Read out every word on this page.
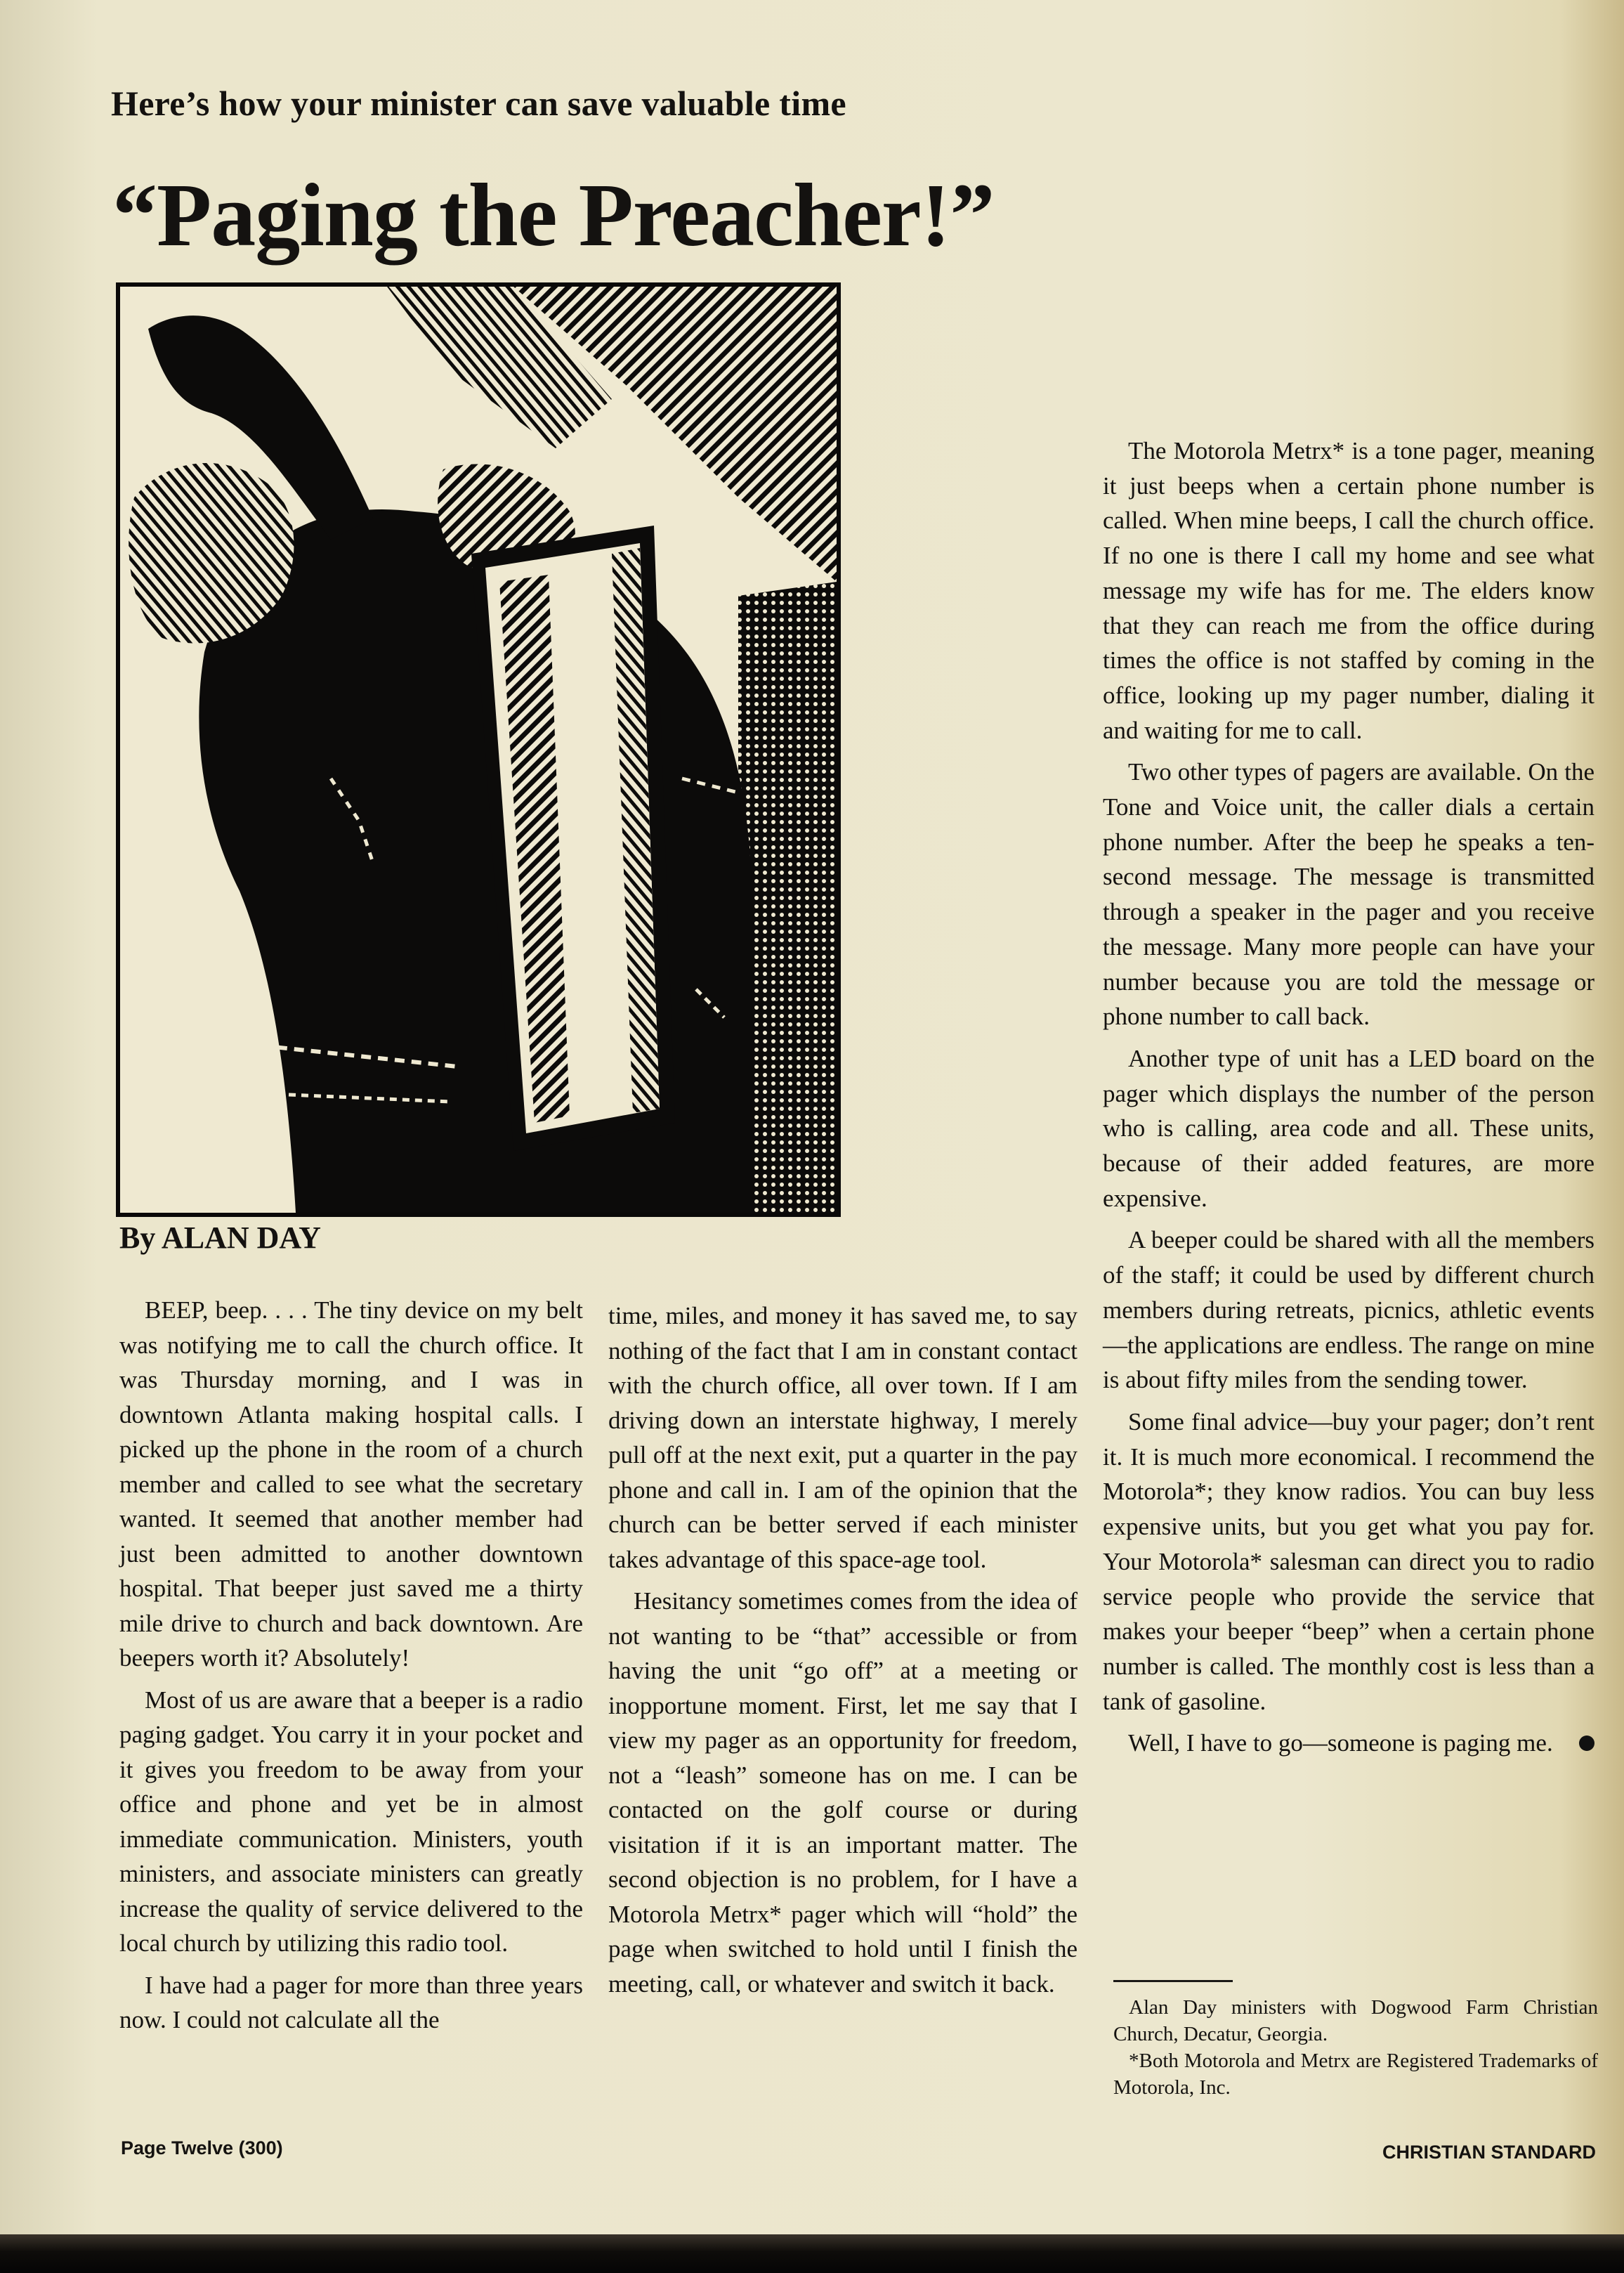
Here’s how your minister can save valuable time
“Paging the Preacher!”
By ALAN DAY

BEEP, beep. . . . The tiny device on my belt was notifying me to call the church office. It was Thursday morning, and I was in downtown Atlanta making hospital calls. I picked up the phone in the room of a church member and called to see what the secretary wanted. It seemed that another member had just been admitted to another downtown hospital. That beeper just saved me a thirty mile drive to church and back downtown. Are beepers worth it? Absolutely!

Most of us are aware that a beeper is a radio paging gadget. You carry it in your pocket and it gives you freedom to be away from your office and phone and yet be in almost immediate communication. Ministers, youth ministers, and associate ministers can greatly increase the quality of service delivered to the local church by utilizing this radio tool.

I have had a pager for more than three years now. I could not calculate all the

time, miles, and money it has saved me, to say nothing of the fact that I am in constant contact with the church office, all over town. If I am driving down an interstate highway, I merely pull off at the next exit, put a quarter in the pay phone and call in. I am of the opinion that the church can be better served if each minister takes advantage of this space-age tool.

Hesitancy sometimes comes from the idea of not wanting to be “that” accessible or from having the unit “go off” at a meeting or inopportune moment. First, let me say that I view my pager as an opportunity for freedom, not a “leash” someone has on me. I can be contacted on the golf course or during visitation if it is an important matter. The second objection is no problem, for I have a Motorola Metrx* pager which will “hold” the page when switched to hold until I finish the meeting, call, or whatever and switch it back.

The Motorola Metrx* is a tone pager, meaning it just beeps when a certain phone number is called. When mine beeps, I call the church office. If no one is there I call my home and see what message my wife has for me. The elders know that they can reach me from the office during times the office is not staffed by coming in the office, looking up my pager number, dialing it and waiting for me to call.

Two other types of pagers are available. On the Tone and Voice unit, the caller dials a certain phone number. After the beep he speaks a ten-second message. The message is transmitted through a speaker in the pager and you receive the message. Many more people can have your number because you are told the message or phone number to call back.

Another type of unit has a LED board on the pager which displays the number of the person who is calling, area code and all. These units, because of their added features, are more expensive.

A beeper could be shared with all the members of the staff; it could be used by different church members during retreats, picnics, athletic events—the applications are endless. The range on mine is about fifty miles from the sending tower.

Some final advice—buy your pager; don’t rent it. It is much more economical. I recommend the Motorola*; they know radios. You can buy less expensive units, but you get what you pay for. Your Motorola* salesman can direct you to radio service people who provide the service that makes your beeper “beep” when a certain phone number is called. The monthly cost is less than a tank of gasoline.

Well, I have to go—someone is paging me.

Alan Day ministers with Dogwood Farm Christian Church, Decatur, Georgia.

*Both Motorola and Metrx are Registered Trademarks of Motorola, Inc.

Page Twelve (300)	CHRISTIAN STANDARD
